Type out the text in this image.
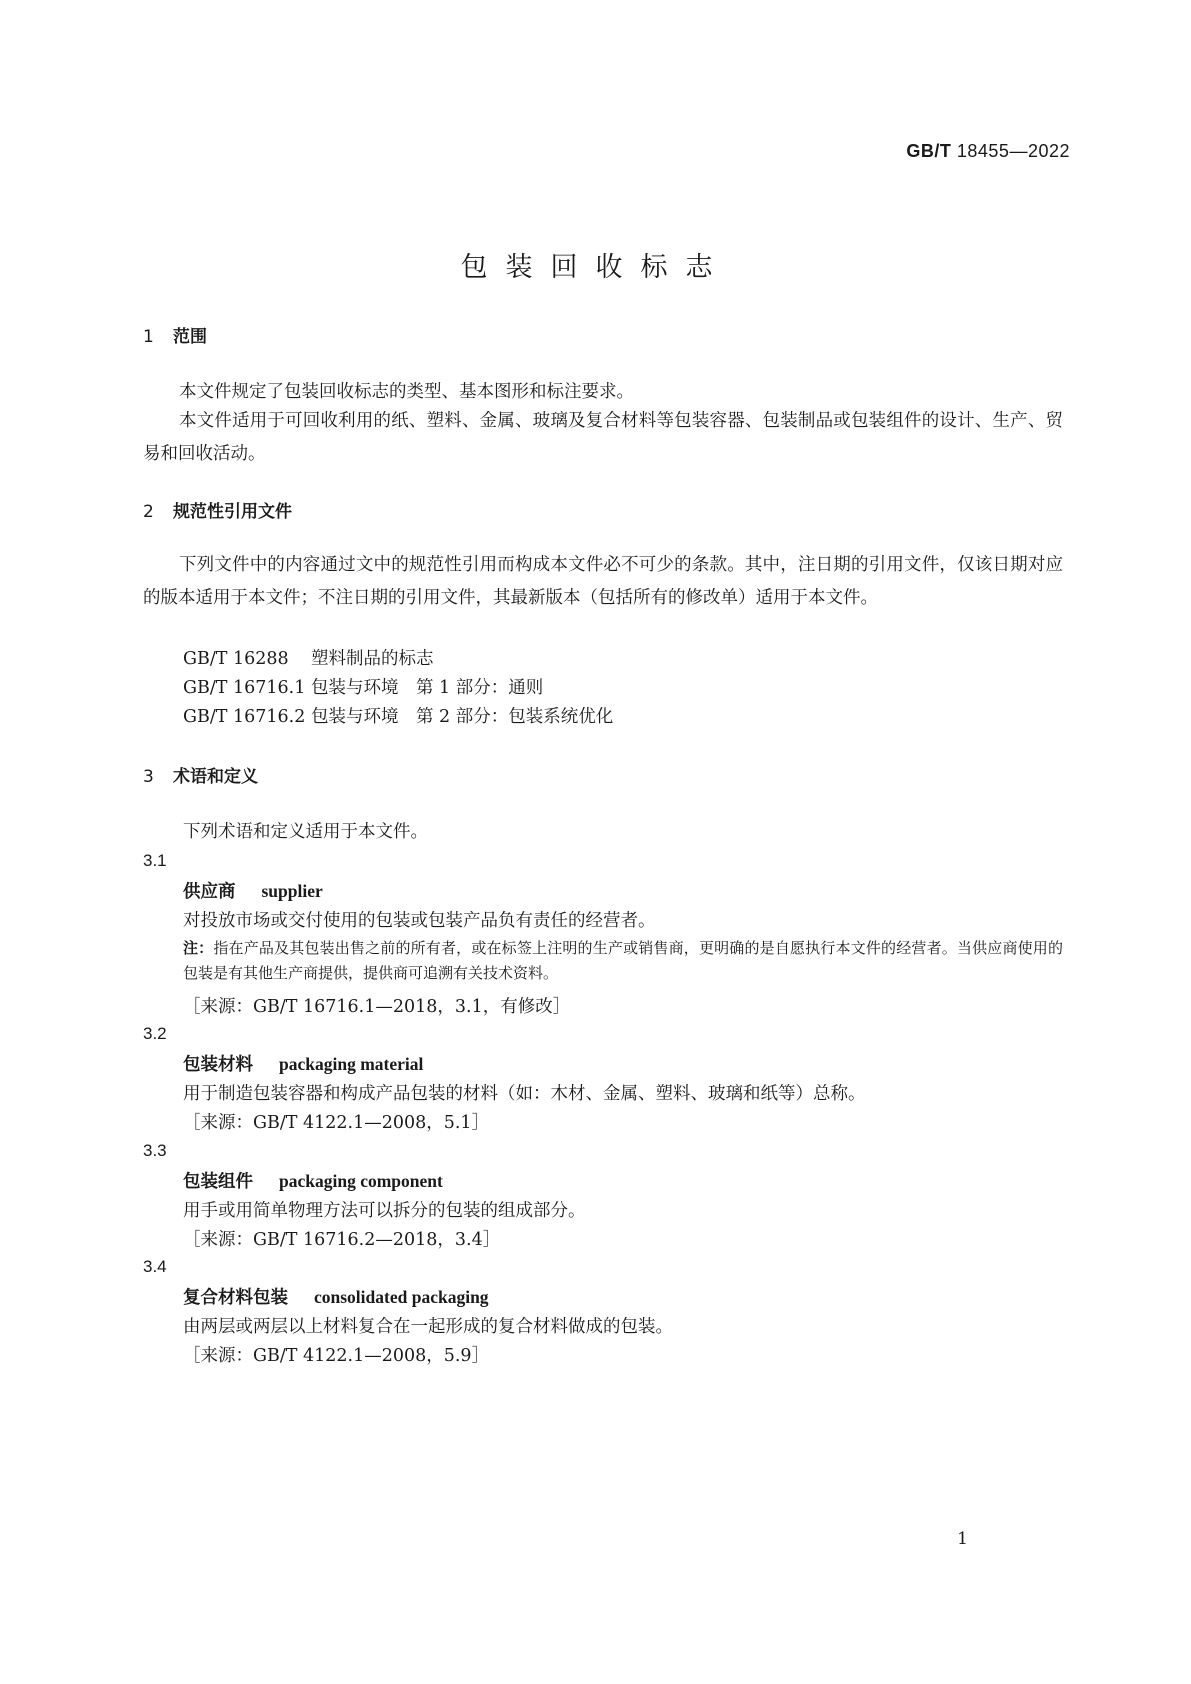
GB/T 18455—2022
包装回收标志
1 范围
本文件规定了包装回收标志的类型、基本图形和标注要求。
本文件适用于可回收利用的纸、塑料、金属、玻璃及复合材料等包装容器、包装制品或包装组件的设计、生产、贸易和回收活动。
2 规范性引用文件
下列文件中的内容通过文中的规范性引用而构成本文件必不可少的条款。其中，注日期的引用文件，仅该日期对应的版本适用于本文件；不注日期的引用文件，其最新版本（包括所有的修改单）适用于本文件。
GB/T 16288 塑料制品的标志
GB/T 16716.1 包装与环境　第 1 部分：通则
GB/T 16716.2 包装与环境　第 2 部分：包装系统优化
3 术语和定义
下列术语和定义适用于本文件。
3.1
供应商 supplier
对投放市场或交付使用的包装或包装产品负有责任的经营者。
注：指在产品及其包装出售之前的所有者，或在标签上注明的生产或销售商，更明确的是自愿执行本文件的经营者。当供应商使用的包装是有其他生产商提供，提供商可追溯有关技术资料。
［来源：GB/T 16716.1—2018，3.1，有修改］
3.2
包装材料 packaging material
用于制造包装容器和构成产品包装的材料（如：木材、金属、塑料、玻璃和纸等）总称。
［来源：GB/T 4122.1—2008，5.1］
3.3
包装组件 packaging component
用手或用简单物理方法可以拆分的包装的组成部分。
［来源：GB/T 16716.2—2018，3.4］
3.4
复合材料包装 consolidated packaging
由两层或两层以上材料复合在一起形成的复合材料做成的包装。
［来源：GB/T 4122.1—2008，5.9］
1
